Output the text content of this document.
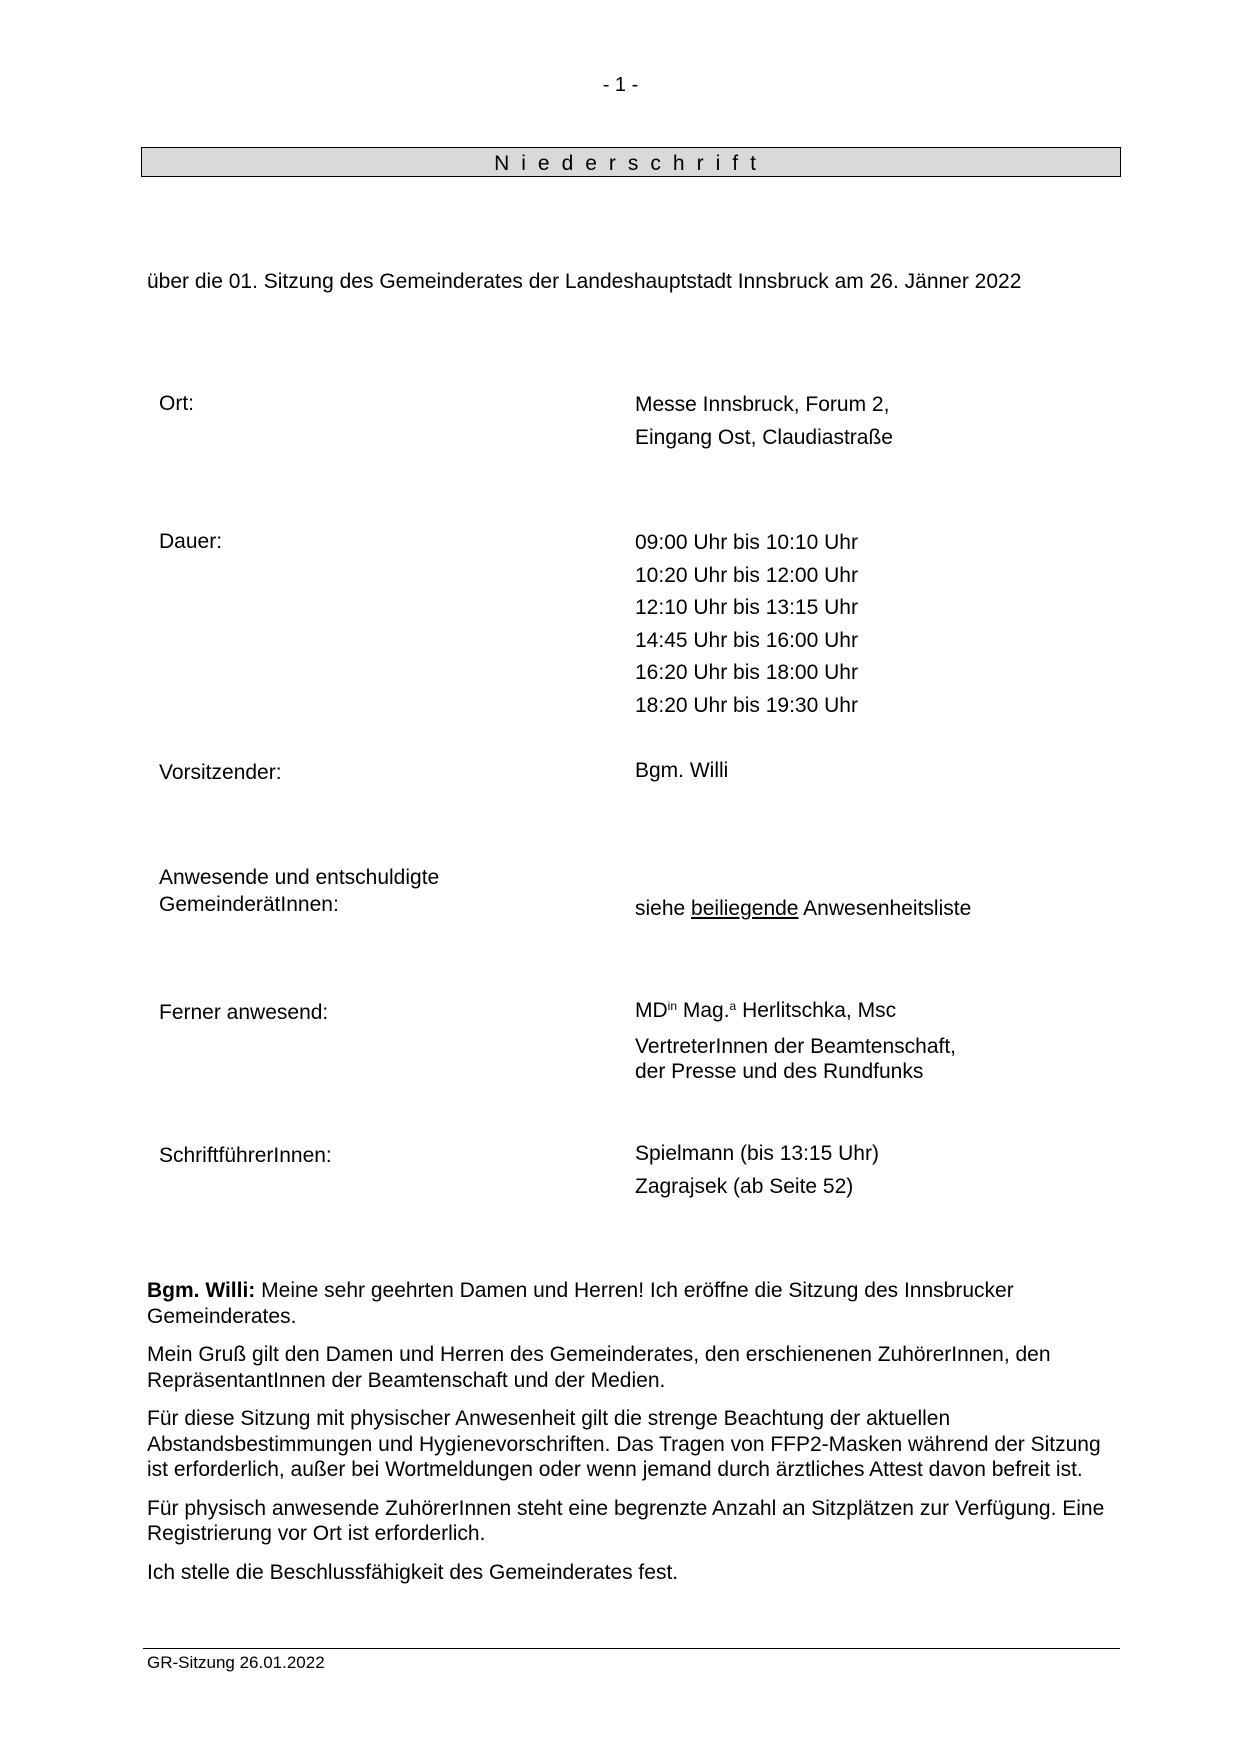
- 1 -
Niederschrift
über die 01. Sitzung des Gemeinderates der Landeshauptstadt Innsbruck am 26. Jänner 2022
Ort:	Messe Innsbruck, Forum 2,
Eingang Ost, Claudiastraße
Dauer:	09:00 Uhr bis 10:10 Uhr
10:20 Uhr bis 12:00 Uhr
12:10 Uhr bis 13:15 Uhr
14:45 Uhr bis 16:00 Uhr
16:20 Uhr bis 18:00 Uhr
18:20 Uhr bis 19:30 Uhr
Vorsitzender:	Bgm. Willi
Anwesende und entschuldigte
GemeinderätInnen:	siehe beiliegende Anwesenheitsliste
Ferner anwesend:	$MD^{in}$ Mag.$^a$ Herlitschka, Msc
VertreterInnen der Beamtenschaft,
der Presse und des Rundfunks
SchriftführerInnen:	Spielmann (bis 13:15 Uhr)
Zagrajsek (ab Seite 52)

Bgm. Willi: Meine sehr geehrten Damen und Herren! Ich eröffne die Sitzung des Innsbrucker Gemeinderates.

Mein Gruß gilt den Damen und Herren des Gemeinderates, den erschienenen ZuhörerInnen, den RepräsentantInnen der Beamtenschaft und der Medien.

Für diese Sitzung mit physischer Anwesenheit gilt die strenge Beachtung der aktuellen Abstandsbestimmungen und Hygienevorschriften. Das Tragen von FFP2-Masken während der Sitzung ist erforderlich, außer bei Wortmeldungen oder wenn jemand durch ärztliches Attest davon befreit ist.

Für physisch anwesende ZuhörerInnen steht eine begrenzte Anzahl an Sitzplätzen zur Verfügung. Eine Registrierung vor Ort ist erforderlich.

Ich stelle die Beschlussfähigkeit des Gemeinderates fest.

GR-Sitzung 26.01.2022
